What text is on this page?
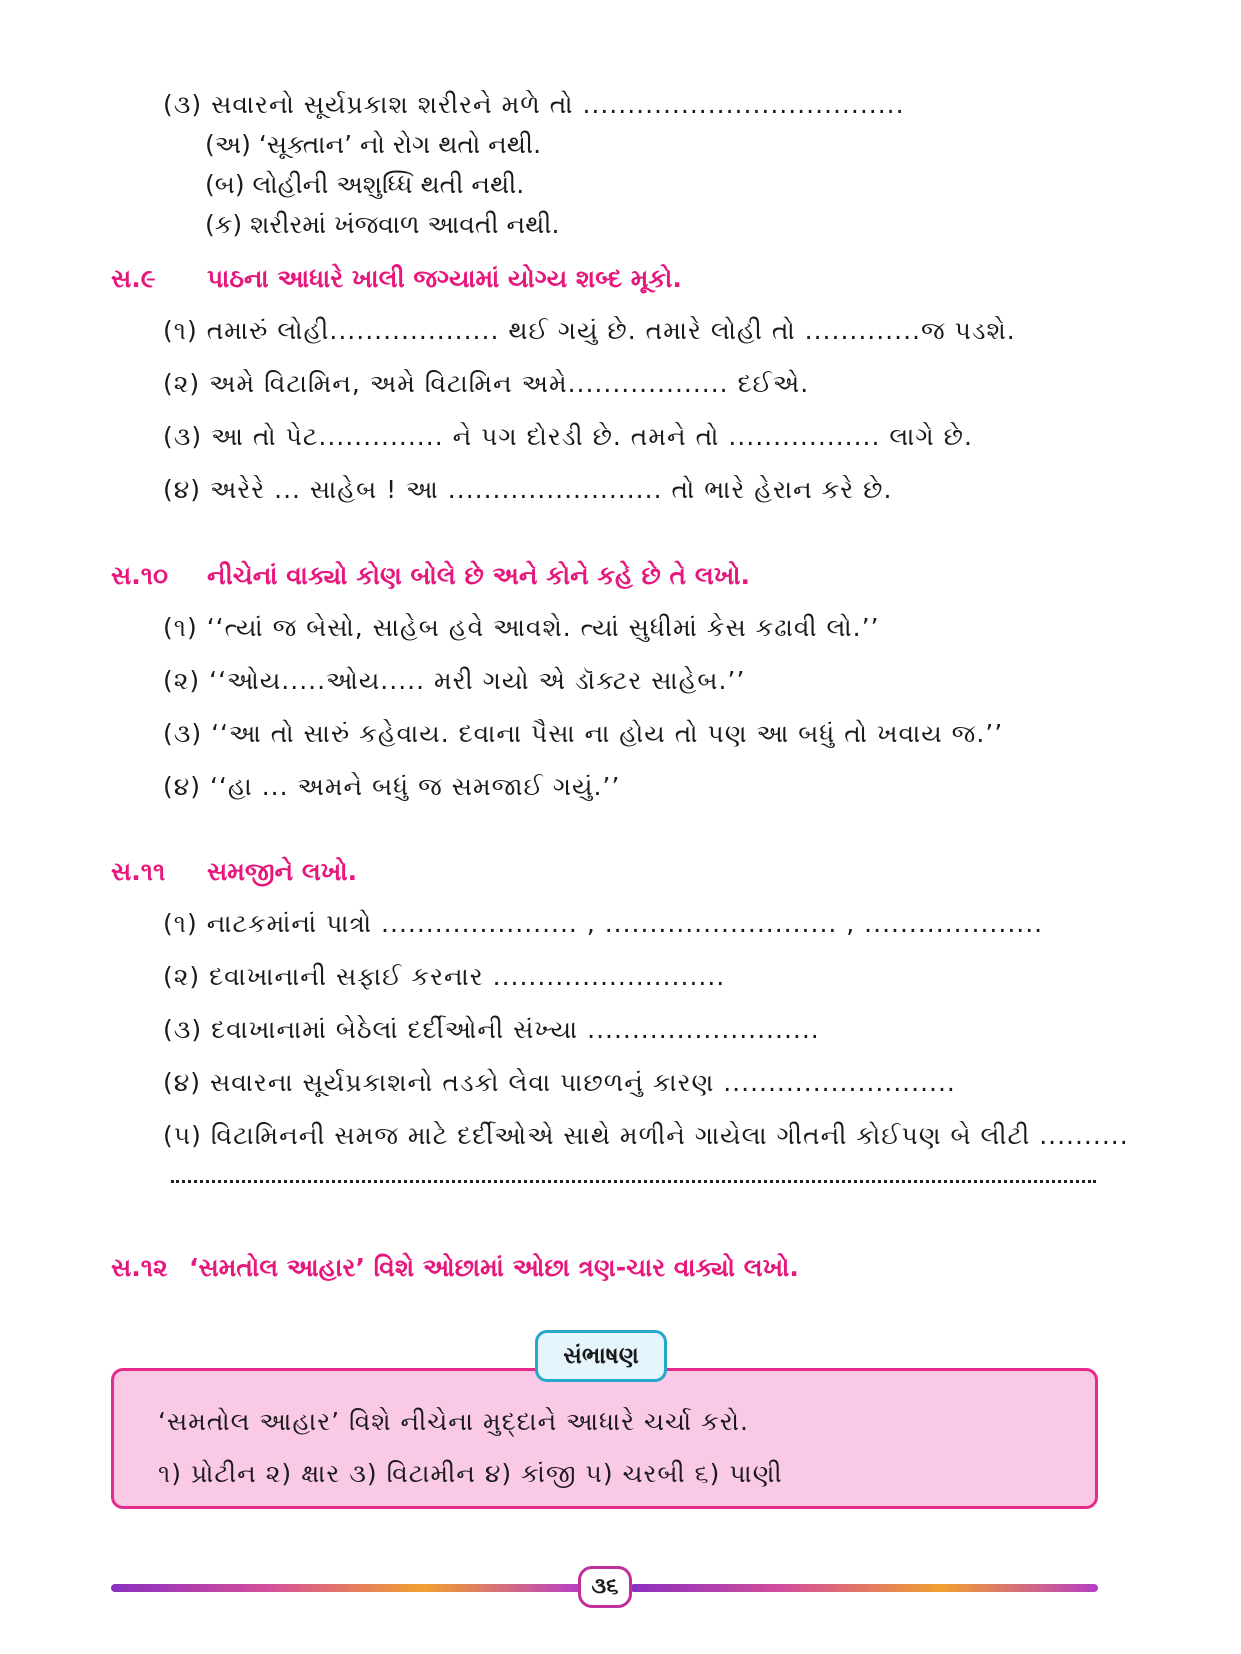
(૩) સવારનો સૂર્યપ્રકાશ શરીરને મળે તો ....................................
(અ) ‘સૂક્તાન’ નો રોગ થતો નથી.
(બ) લોહીની અશુધ્ધિ થતી નથી.
(ક) શરીરમાં ખંજવાળ આવતી નથી.
સ.૯ પાઠના આધારે ખાલી જગ્યામાં યોગ્ય શબ્દ મૂકો.
(૧) તમારું લોહી................... થઈ ગયું છે. તમારે લોહી તો .............જ પડશે.
(૨) અમે વિટામિન, અમે વિટામિન અમે.................. દઈએ.
(૩) આ તો પેટ.............. ને પગ દોરડી છે. તમને તો ................. લાગે છે.
(૪) અરેરે ... સાહેબ ! આ ........................ તો ભારે હેરાન કરે છે.
સ.૧૦ નીચેનાં વાક્યો કોણ બોલે છે અને કોને કહે છે તે લખો.
(૧) ‘‘ત્યાં જ બેસો, સાહેબ હવે આવશે. ત્યાં સુધીમાં કેસ કઢાવી લો.’’
(૨) ‘‘ઓય.....ઓય..... મરી ગયો એ ડૉક્ટર સાહેબ.’’
(૩) ‘‘આ તો સારું કહેવાય. દવાના પૈસા ના હોય તો પણ આ બધું તો ખવાય જ.’’
(૪) ‘‘હા ... અમને બધું જ સમજાઈ ગયું.’’
સ.૧૧ સમજીને લખો.
(૧) નાટકમાંનાં પાત્રો ...................... , .......................... , ....................
(૨) દવાખાનાની સફાઈ કરનાર ..........................
(૩) દવાખાનામાં બેઠેલાં દર્દીઓની સંખ્યા ..........................
(૪) સવારના સૂર્યપ્રકાશનો તડકો લેવા પાછળનું કારણ ..........................
(૫) વિટામિનની સમજ માટે દર્દીઓએ સાથે મળીને ગાયેલા ગીતની કોઈપણ બે લીટી ..........
સ.૧૨ ‘સમતોલ આહાર’ વિશે ઓછામાં ઓછા ત્રણ-ચાર વાક્યો લખો.
‘સમતોલ આહાર’ વિશે નીચેના મુદ્દાને આધારે ચર્ચા કરો.
૧) પ્રોટીન ૨) ક્ષાર ૩) વિટામીન ૪) કાંજી ૫) ચરબી ૬) પાણી
સંભાષણ
૩૬
